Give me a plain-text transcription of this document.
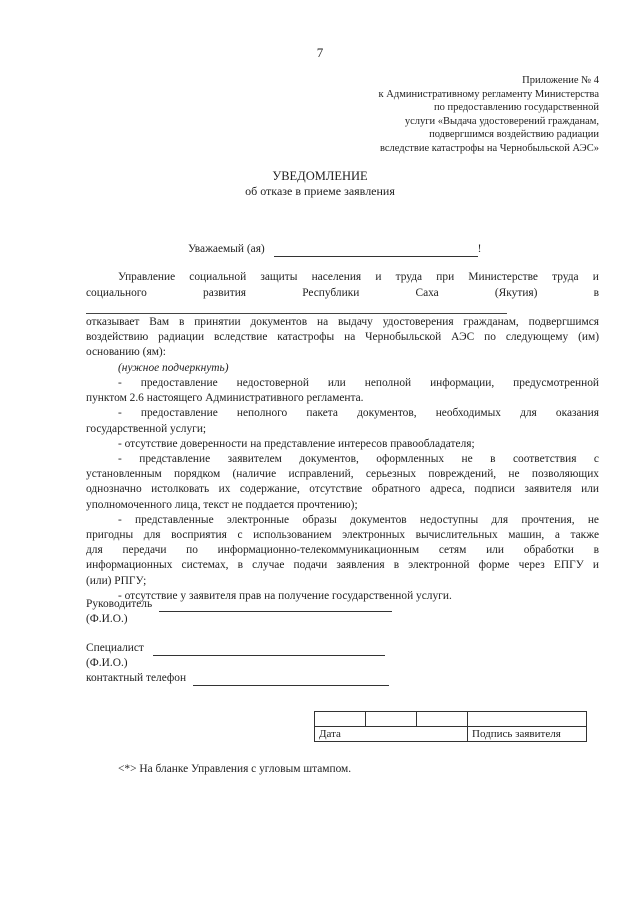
7
Приложение № 4
к Административному регламенту Министерства
по предоставлению государственной
услуги «Выдача удостоверений гражданам,
подвергшимся воздействию радиации
вследствие катастрофы на Чернобыльской АЭС»
УВЕДОМЛЕНИЕ
об отказе в приеме заявления
Уважаемый (ая)	!
Управление социальной защиты населения и труда при Министерстве труда и
социального	развития	Республики	Саха	(Якутия)	в
отказывает Вам в принятии документов на выдачу удостоверения гражданам, подвергшимся
воздействию радиации вследствие катастрофы на Чернобыльской АЭС по следующему (им)
основанию (ям):
(нужное подчеркнуть)
- предоставление недостоверной или неполной информации, предусмотренной
пунктом 2.6 настоящего Административного регламента.
- предоставление неполного пакета документов, необходимых для оказания
государственной услуги;
- отсутствие доверенности на представление интересов правообладателя;
- представление заявителем документов, оформленных не в соответствия с
установленным порядком (наличие исправлений, серьезных повреждений, не позволяющих
однозначно истолковать их содержание, отсутствие обратного адреса, подписи заявителя или
уполномоченного лица, текст не поддается прочтению);
- представленные электронные образы документов недоступны для прочтения, не
пригодны для восприятия с использованием электронных вычислительных машин, а также
для передачи по информационно-телекоммуникационным сетям или обработки в
информационных системах, в случае подачи заявления в электронной форме через ЕПГУ и
(или) РПГУ;
- отсутствие у заявителя прав на получение государственной услуги.
Руководитель
(Ф.И.О.)
Специалист
(Ф.И.О.)
контактный телефон

Дата			Подпись заявителя
<*> На бланке Управления с угловым штампом.
